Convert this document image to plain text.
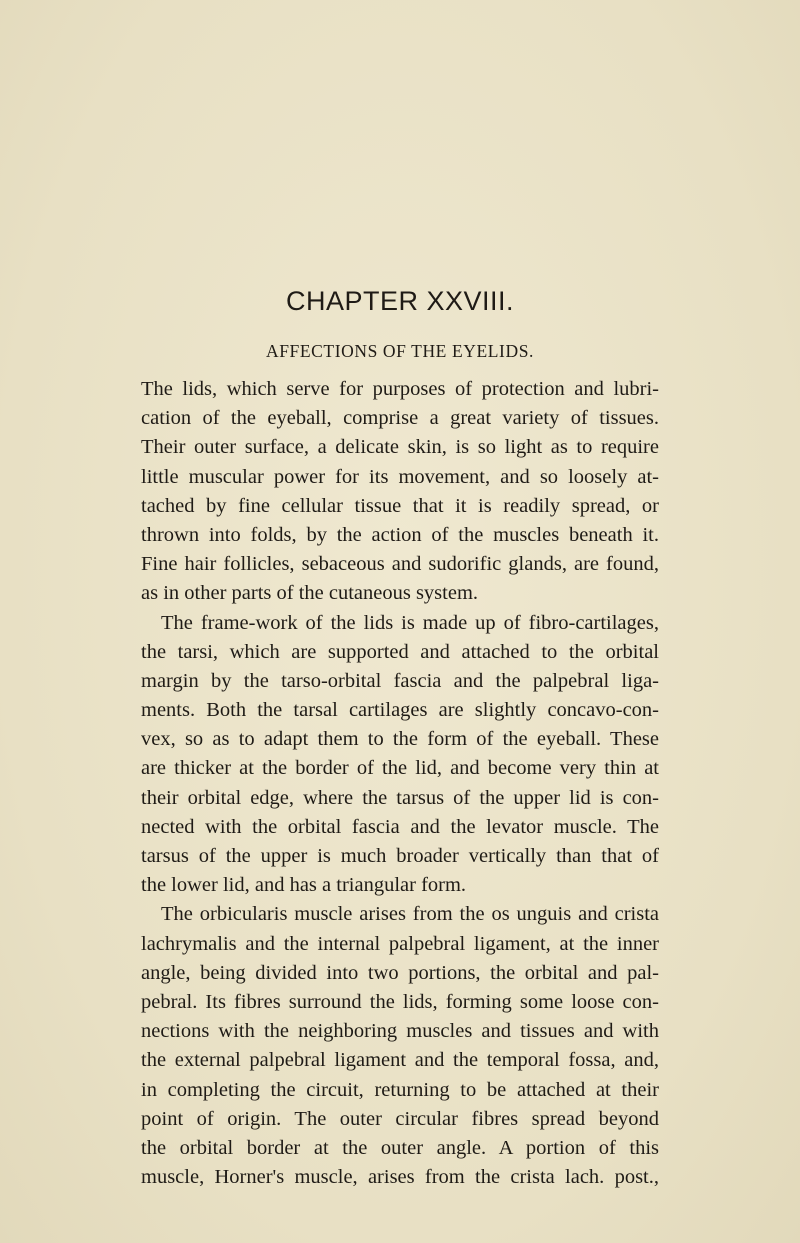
CHAPTER XXVIII.
AFFECTIONS OF THE EYELIDS.
The lids, which serve for purposes of protection and lubri-
cation of the eyeball, comprise a great variety of tissues.
Their outer surface, a delicate skin, is so light as to require
little muscular power for its movement, and so loosely at-
tached by fine cellular tissue that it is readily spread, or
thrown into folds, by the action of the muscles beneath it.
Fine hair follicles, sebaceous and sudorific glands, are found,
as in other parts of the cutaneous system.
The frame-work of the lids is made up of fibro-cartilages,
the tarsi, which are supported and attached to the orbital
margin by the tarso-orbital fascia and the palpebral liga-
ments. Both the tarsal cartilages are slightly concavo-con-
vex, so as to adapt them to the form of the eyeball. These
are thicker at the border of the lid, and become very thin at
their orbital edge, where the tarsus of the upper lid is con-
nected with the orbital fascia and the levator muscle. The
tarsus of the upper is much broader vertically than that of
the lower lid, and has a triangular form.
The orbicularis muscle arises from the os unguis and crista
lachrymalis and the internal palpebral ligament, at the inner
angle, being divided into two portions, the orbital and pal-
pebral. Its fibres surround the lids, forming some loose con-
nections with the neighboring muscles and tissues and with
the external palpebral ligament and the temporal fossa, and,
in completing the circuit, returning to be attached at their
point of origin. The outer circular fibres spread beyond
the orbital border at the outer angle. A portion of this
muscle, Horner's muscle, arises from the crista lach. post.,
